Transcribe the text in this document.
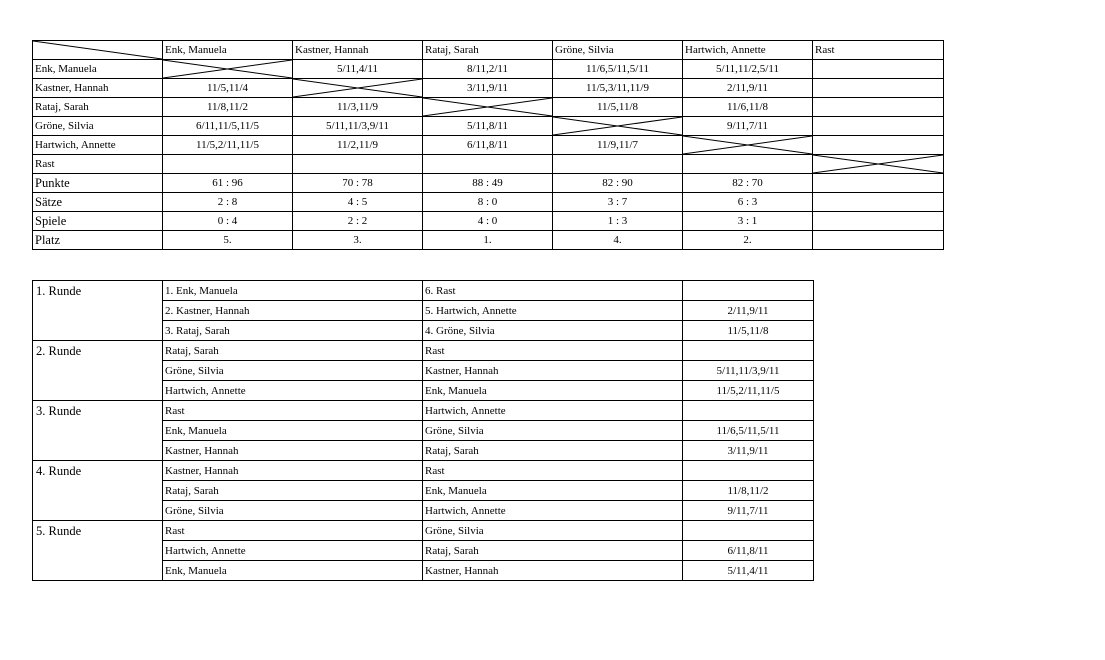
	Enk, Manuela	Kastner, Hannah	Rataj, Sarah	Gröne, Silvia	Hartwich, Annette	Rast
Enk, Manuela		5/11,4/11	8/11,2/11	11/6,5/11,5/11	5/11,11/2,5/11	
Kastner, Hannah	11/5,11/4		3/11,9/11	11/5,3/11,11/9	2/11,9/11	
Rataj, Sarah	11/8,11/2	11/3,11/9		11/5,11/8	11/6,11/8	
Gröne, Silvia	6/11,11/5,11/5	5/11,11/3,9/11	5/11,8/11		9/11,7/11	
Hartwich, Annette	11/5,2/11,11/5	11/2,11/9	6/11,8/11	11/9,11/7	

Rast						

Punkte	61 : 96	70 : 78	88 : 49	82 : 90	82 : 70	
Sätze	2 : 8	4 : 5	8 : 0	3 : 7	6 : 3	
Spiele	0 : 4	2 : 2	4 : 0	1 : 3	3 : 1	
Platz	5.	3.	1.	4.	2.	
1. Runde	1. Enk, Manuela	6. Rast	
	2. Kastner, Hannah	5. Hartwich, Annette	2/11,9/11
	3. Rataj, Sarah	4. Gröne, Silvia	11/5,11/8
2. Runde	Rataj, Sarah	Rast	
	Gröne, Silvia	Kastner, Hannah	5/11,11/3,9/11
	Hartwich, Annette	Enk, Manuela	11/5,2/11,11/5
3. Runde	Rast	Hartwich, Annette	
	Enk, Manuela	Gröne, Silvia	11/6,5/11,5/11
	Kastner, Hannah	Rataj, Sarah	3/11,9/11
4. Runde	Kastner, Hannah	Rast	
	Rataj, Sarah	Enk, Manuela	11/8,11/2
	Gröne, Silvia	Hartwich, Annette	9/11,7/11
5. Runde	Rast	Gröne, Silvia	
	Hartwich, Annette	Rataj, Sarah	6/11,8/11
	Enk, Manuela	Kastner, Hannah	5/11,4/11
